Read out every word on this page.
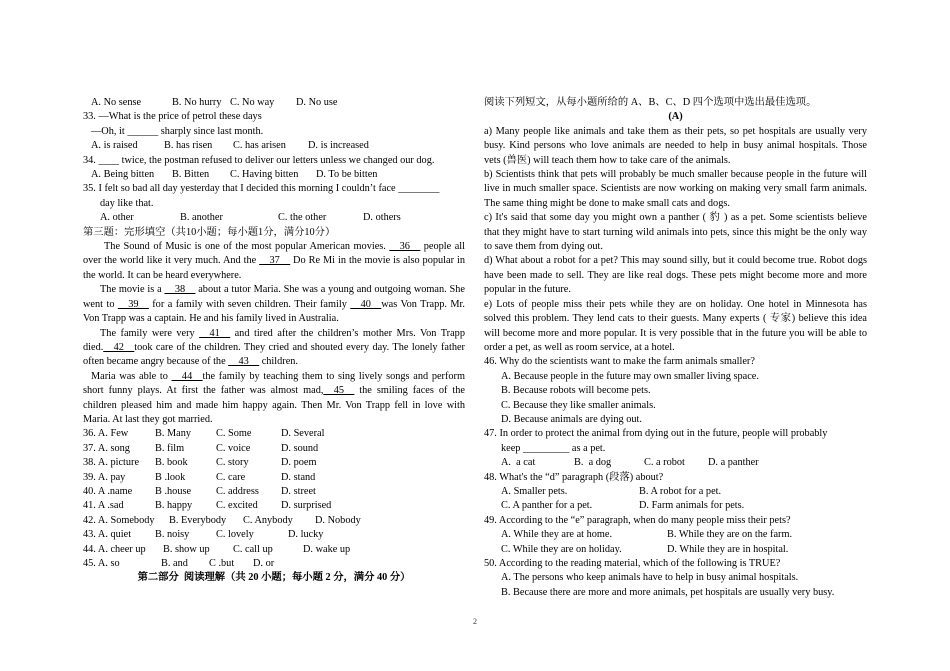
A. No sense	B. No hurry C. No way	D. No use
33. —What is the price of petrol these days
—Oh, it ______ sharply since last month.
A. is raised	B. has risen	C. has arisen	D. is increased
34. ____ twice, the postman refused to deliver our letters unless we changed our dog.
A. Being bitten	B. Bitten	C. Having bitten	D. To be bitten
35. I felt so bad all day yesterday that I decided this morning I couldn’t face ________
day like that.
A. other	B. another	C. the other	D. others
第三题：完形填空（共10小题；每小题1分，满分10分）
The Sound of Music is one of the most popular American movies. __36__ people all over the world like it very much. And the __37__ Do Re Mi in the movie is also popular in the world. It can be heard everywhere.
The movie is a __38__ about a tutor Maria. She was a young and outgoing woman. She went to __39__ for a family with seven children. Their family __40__was Von Trapp. Mr. Von Trapp was a captain. He and his family lived in Australia.
The family were very __41__ and tired after the children’s mother Mrs. Von Trapp died.__42__took care of the children. They cried and shouted every day. The lonely father often became angry because of the __43__ children.
Maria was able to __44__the family by teaching them to sing lively songs and perform short funny plays. At first the father was almost mad,__45__ the smiling faces of the children pleased him and made him happy again. Then Mr. Von Trapp fell in love with Maria. At last they got married.
36. A. Few	B. Many	C. Some	D. Several
37. A. song	B. film	C. voice	D. sound
38. A. picture	B. book	C. story	D. poem
39. A. pay	B .look	C. care	D. stand
40. A .name	B .house	C. address	D. street
41. A .sad	B. happy	C. excited	D. surprised
42. A. Somebody	B. Everybody	C. Anybody	D. Nobody
43. A. quiet	B. noisy	C. lovely	D. lucky
44. A. cheer up	B. show up	C. call up	D. wake up
45. A. so	B. and	C .but	D. or
第二部分  阅读理解（共 20 小题；每小题 2 分，满分 40 分）
阅读下列短文，从每小题所给的 A、B、C、D 四个选项中选出最佳选项。
(A)
a) Many people like animals and take them as their pets, so pet hospitals are usually very busy. Kind persons who love animals are needed to help in busy animal hospitals. Those vets (兽医) will teach them how to take care of the animals.
b) Scientists think that pets will probably be much smaller because people in the future will live in much smaller space. Scientists are now working on making very small farm animals. The same thing might be done to make small cats and dogs.
c) It's said that some day you might own a panther ( 豹 ) as a pet. Some scientists believe that they might have to start turning wild animals into pets, since this might be the only way to save them from dying out.
d) What about a robot for a pet? This may sound silly, but it could become true. Robot dogs have been made to sell. They are like real dogs. These pets might become more and more popular in the future.
e) Lots of people miss their pets while they are on holiday. One hotel in Minnesota has solved this problem. They lend cats to their guests. Many experts ( 专家) believe this idea will become more and more popular. It is very possible that in the future you will be able to order a pet, as well as room service, at a hotel.
46. Why do the scientists want to make the farm animals smaller?
A. Because people in the future may own smaller living space.
B. Because robots will become pets.
C. Because they like smaller animals.
D. Because animals are dying out.
47. In order to protect the animal from dying out in the future, people will probably
keep _________ as a pet.
A.  a cat	B.  a dog	C. a robot	D. a panther
48. What's the “d” paragraph (段落) about?
A. Smaller pets.	B. A robot for a pet.
C. A panther for a pet.	D. Farm animals for pets.
49. According to the “e” paragraph, when do many people miss their pets?
A. While they are at home.	B. While they are on the farm.
C. While they are on holiday.	D. While they are in hospital.
50. According to the reading material, which of the following is TRUE?
A. The persons who keep animals have to help in busy animal hospitals.
B. Because there are more and more animals, pet hospitals are usually very busy.
2
